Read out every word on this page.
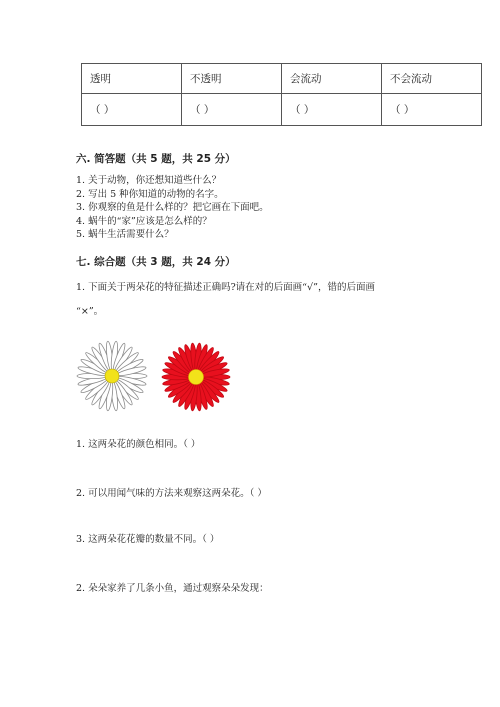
透明	不透明	会流动	不会流动
（ ）	（ ）	（ ）	（ ）
六. 简答题（共 5 题，共 25 分）
1. 关于动物，你还想知道些什么？
2. 写出 5 种你知道的动物的名字。
3. 你观察的鱼是什么样的？把它画在下面吧。
4. 蜗牛的“家”应该是怎么样的？
5. 蜗牛生活需要什么？
七. 综合题（共 3 题，共 24 分）
1. 下面关于两朵花的特征描述正确吗?请在对的后面画“√”，错的后面画
“×”。
1. 这两朵花的颜色相同。（ ）
2. 可以用闻气味的方法来观察这两朵花。（ ）
3. 这两朵花花瓣的数量不同。（ ）
2. 朵朵家养了几条小鱼，通过观察朵朵发现：
